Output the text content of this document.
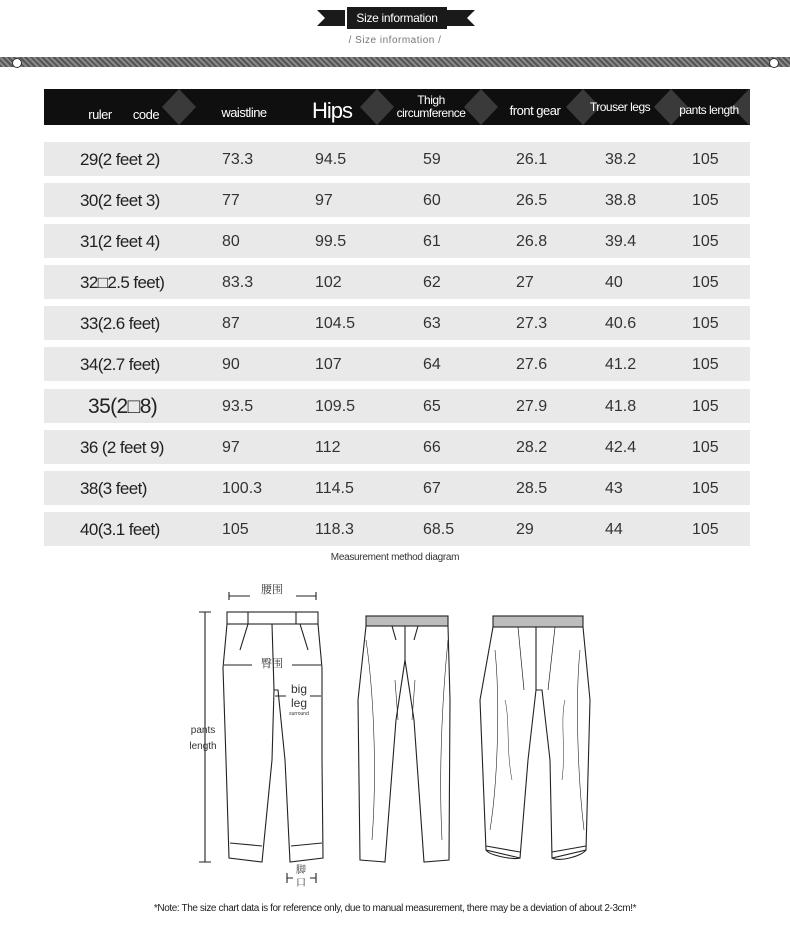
Size information
/ Size information /
ruler	code	waistline	Hips	Thigh
circumference	front gear	Trouser legs	pants length
29(2 feet 2)	73.3	94.5	59	26.1	38.2	105
30(2 feet 3)	77	97	60	26.5	38.8	105
31(2 feet 4)	80	99.5	61	26.8	39.4	105
32□2.5 feet)	83.3	102	62	27	40	105
33(2.6 feet)	87	104.5	63	27.3	40.6	105
34(2.7 feet)	90	107	64	27.6	41.2	105
35(2□8)	93.5	109.5	65	27.9	41.8	105
36 (2 feet 9)	97	112	66	28.2	42.4	105
38(3 feet)	100.3	114.5	67	28.5	43	105
40(3.1 feet)	105	118.3	68.5	29	44	105
Measurement method diagram
腰围
臀围
big
leg
surround
pants
length
脚
口
*Note: The size chart data is for reference only, due to manual measurement, there may be a deviation of about 2-3cm!*
